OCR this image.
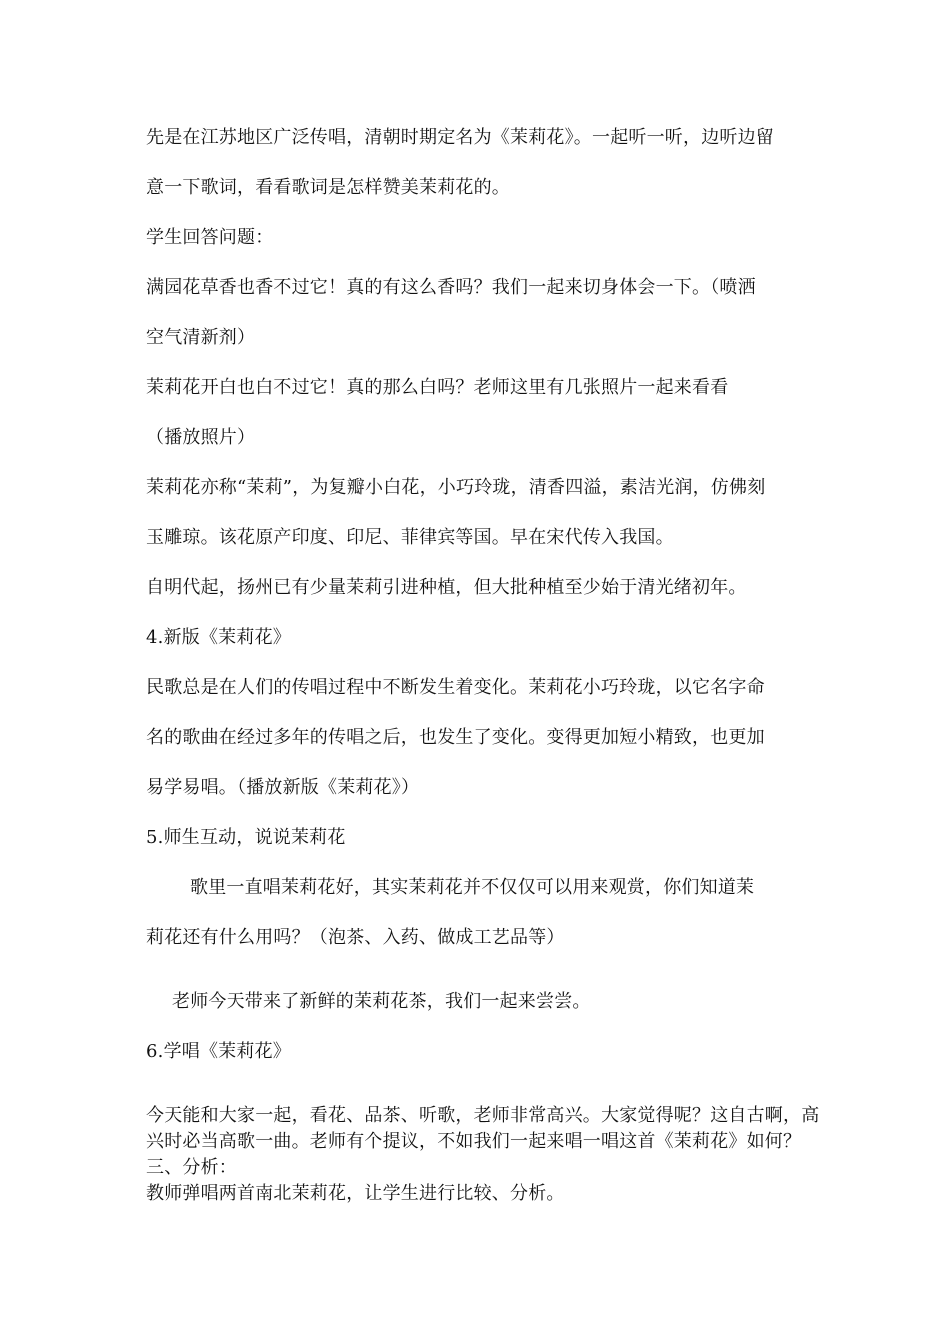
先是在江苏地区广泛传唱，清朝时期定名为《茉莉花》。一起听一听，边听边留

意一下歌词，看看歌词是怎样赞美茉莉花的。

学生回答问题：

满园花草香也香不过它！真的有这么香吗？我们一起来切身体会一下。（喷洒

空气清新剂）

茉莉花开白也白不过它！真的那么白吗？老师这里有几张照片一起来看看

（播放照片）

茉莉花亦称“茉莉”，为复瓣小白花，小巧玲珑，清香四溢，素洁光润，仿佛刻

玉雕琼。该花原产印度、印尼、菲律宾等国。早在宋代传入我国。

自明代起，扬州已有少量茉莉引进种植，但大批种植至少始于清光绪初年。

4.新版《茉莉花》

民歌总是在人们的传唱过程中不断发生着变化。茉莉花小巧玲珑，以它名字命

名的歌曲在经过多年的传唱之后，也发生了变化。变得更加短小精致，也更加

易学易唱。（播放新版《茉莉花》）

5.师生互动，说说茉莉花

歌里一直唱茉莉花好，其实茉莉花并不仅仅可以用来观赏，你们知道茉

莉花还有什么用吗？（泡茶、入药、做成工艺品等）

老师今天带来了新鲜的茉莉花茶，我们一起来尝尝。

6.学唱《茉莉花》

今天能和大家一起，看花、品茶、听歌，老师非常高兴。大家觉得呢？这自古啊，高

兴时必当高歌一曲。老师有个提议，不如我们一起来唱一唱这首《茉莉花》如何？

三、分析：

教师弹唱两首南北茉莉花，让学生进行比较、分析。
